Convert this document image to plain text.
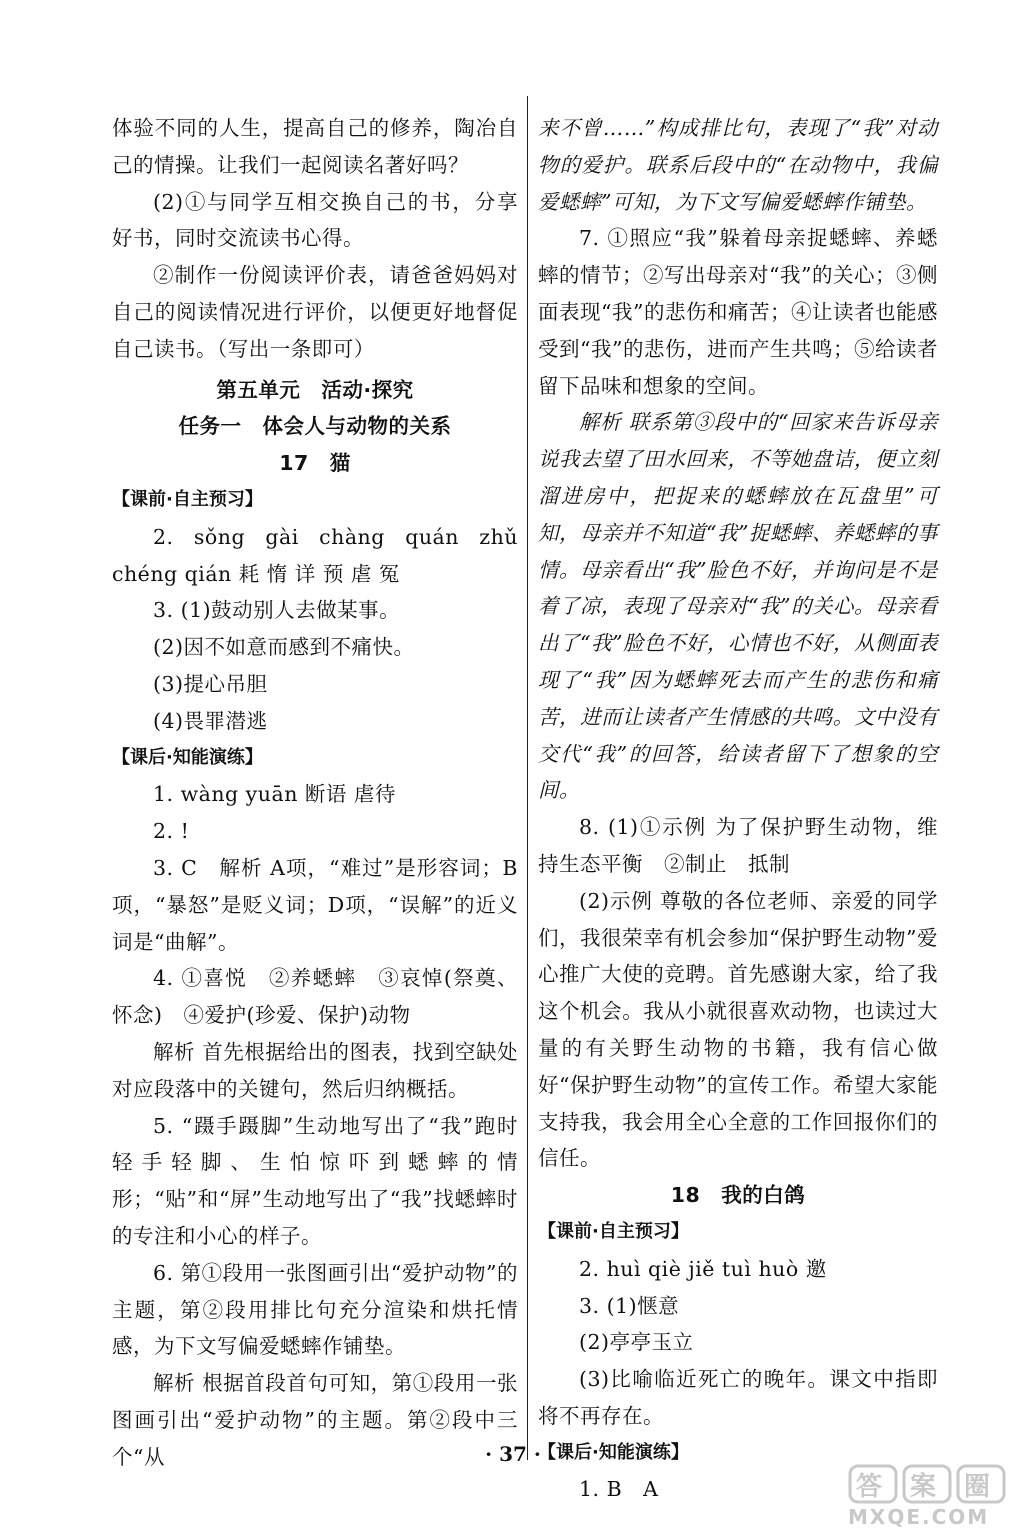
体验不同的人生，提高自己的修养，陶冶自己的情操。让我们一起阅读名著好吗？

(2)①与同学互相交换自己的书，分享好书，同时交流读书心得。

②制作一份阅读评价表，请爸爸妈妈对自己的阅读情况进行评价，以便更好地督促自己读书。（写出一条即可）

第五单元　活动·探究

任务一　体会人与动物的关系

17　猫

【课前·自主预习】

2. sǒng gài chàng quán zhǔ chéng qián 耗 惰 详 预 虐 冤

3. (1)鼓动别人去做某事。

(2)因不如意而感到不痛快。

(3)提心吊胆

(4)畏罪潜逃

【课后·知能演练】

1. wàng yuān 断语 虐待

2. !

3. C　解析 A项，“难过”是形容词；B项，“暴怒”是贬义词；D项，“误解”的近义词是“曲解”。

4. ①喜悦　②养蟋蟀　③哀悼(祭奠、怀念)　④爱护(珍爱、保护)动物

解析 首先根据给出的图表，找到空缺处对应段落中的关键句，然后归纳概括。

5. “蹑手蹑脚”生动地写出了“我”跑时轻手轻脚、生怕惊吓到蟋蟀的情形；“贴”和“屏”生动地写出了“我”找蟋蟀时的专注和小心的样子。

6. 第①段用一张图画引出“爱护动物”的主题，第②段用排比句充分渲染和烘托情感，为下文写偏爱蟋蟀作铺垫。

解析 根据首段首句可知，第①段用一张图画引出“爱护动物”的主题。第②段中三个“从

来不曾……”构成排比句，表现了“我”对动物的爱护。联系后段中的“在动物中，我偏爱蟋蟀”可知，为下文写偏爱蟋蟀作铺垫。

7. ①照应“我”躲着母亲捉蟋蟀、养蟋蟀的情节；②写出母亲对“我”的关心；③侧面表现“我”的悲伤和痛苦；④让读者也能感受到“我”的悲伤，进而产生共鸣；⑤给读者留下品味和想象的空间。

解析 联系第③段中的“回家来告诉母亲说我去望了田水回来，不等她盘诘，便立刻溜进房中，把捉来的蟋蟀放在瓦盘里”可知，母亲并不知道“我”捉蟋蟀、养蟋蟀的事情。母亲看出“我”脸色不好，并询问是不是着了凉，表现了母亲对“我”的关心。母亲看出了“我”脸色不好，心情也不好，从侧面表现了“我”因为蟋蟀死去而产生的悲伤和痛苦，进而让读者产生情感的共鸣。文中没有交代“我”的回答，给读者留下了想象的空间。

8. (1)①示例 为了保护野生动物，维持生态平衡　②制止　抵制

(2)示例 尊敬的各位老师、亲爱的同学们，我很荣幸有机会参加“保护野生动物”爱心推广大使的竞聘。首先感谢大家，给了我这个机会。我从小就很喜欢动物，也读过大量的有关野生动物的书籍，我有信心做好“保护野生动物”的宣传工作。希望大家能支持我，我会用全心全意的工作回报你们的信任。

18　我的白鸽

【课前·自主预习】

2. huì qiè jiě tuì huò 邀

3. (1)惬意

(2)亭亭玉立

(3)比喻临近死亡的晚年。课文中指即将不再存在。

【课后·知能演练】

1. B　A

· 37 ·
答 案 圈
MXQE.COM
